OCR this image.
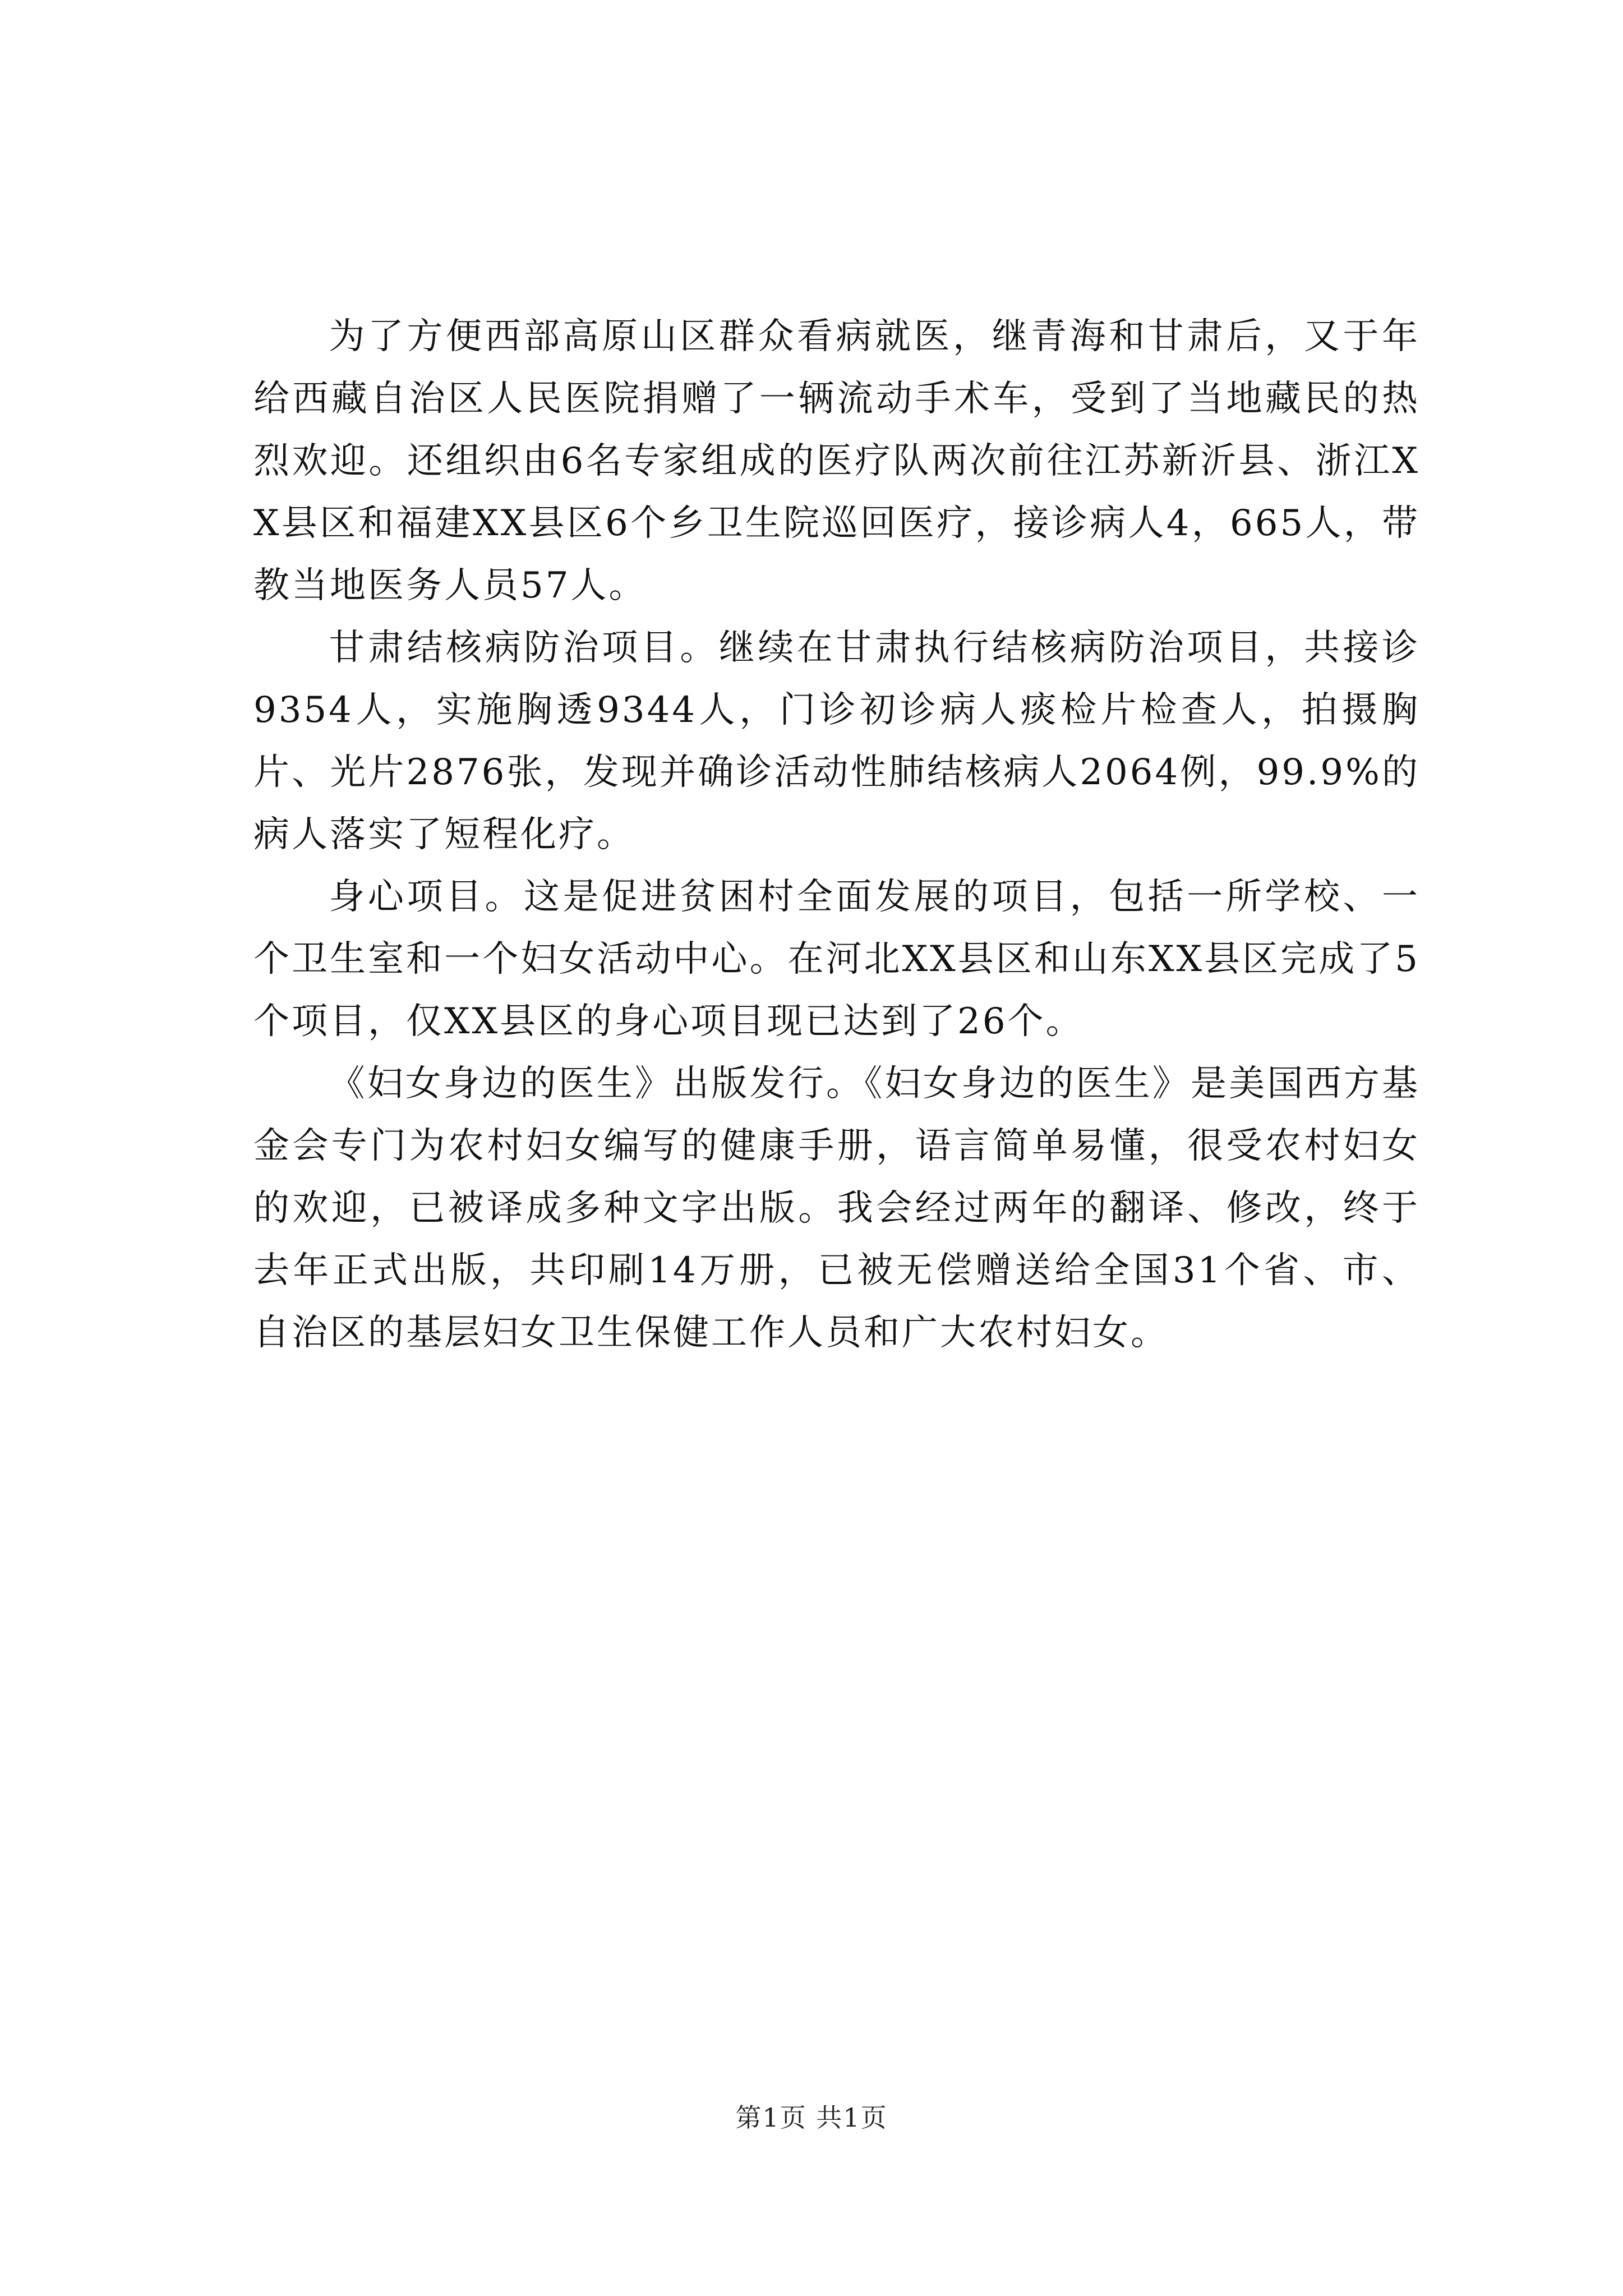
为了方便西部高原山区群众看病就医，继青海和甘肃后，又于年给西藏自治区人民医院捐赠了一辆流动手术车，受到了当地藏民的热烈欢迎。还组织由6名专家组成的医疗队两次前往江苏新沂县、浙江XX县区和福建XX县区6个乡卫生院巡回医疗，接诊病人4，665人，带教当地医务人员57人。

甘肃结核病防治项目。继续在甘肃执行结核病防治项目，共接诊9354人，实施胸透9344人，门诊初诊病人痰检片检查人，拍摄胸片、光片2876张，发现并确诊活动性肺结核病人2064例，99.9%的病人落实了短程化疗。

身心项目。这是促进贫困村全面发展的项目，包括一所学校、一个卫生室和一个妇女活动中心。在河北XX县区和山东XX县区完成了5个项目，仅XX县区的身心项目现已达到了26个。

《妇女身边的医生》出版发行。《妇女身边的医生》是美国西方基金会专门为农村妇女编写的健康手册，语言简单易懂，很受农村妇女的欢迎，已被译成多种文字出版。我会经过两年的翻译、修改，终于去年正式出版，共印刷14万册，已被无偿赠送给全国31个省、市、自治区的基层妇女卫生保健工作人员和广大农村妇女。

第1页 共1页
